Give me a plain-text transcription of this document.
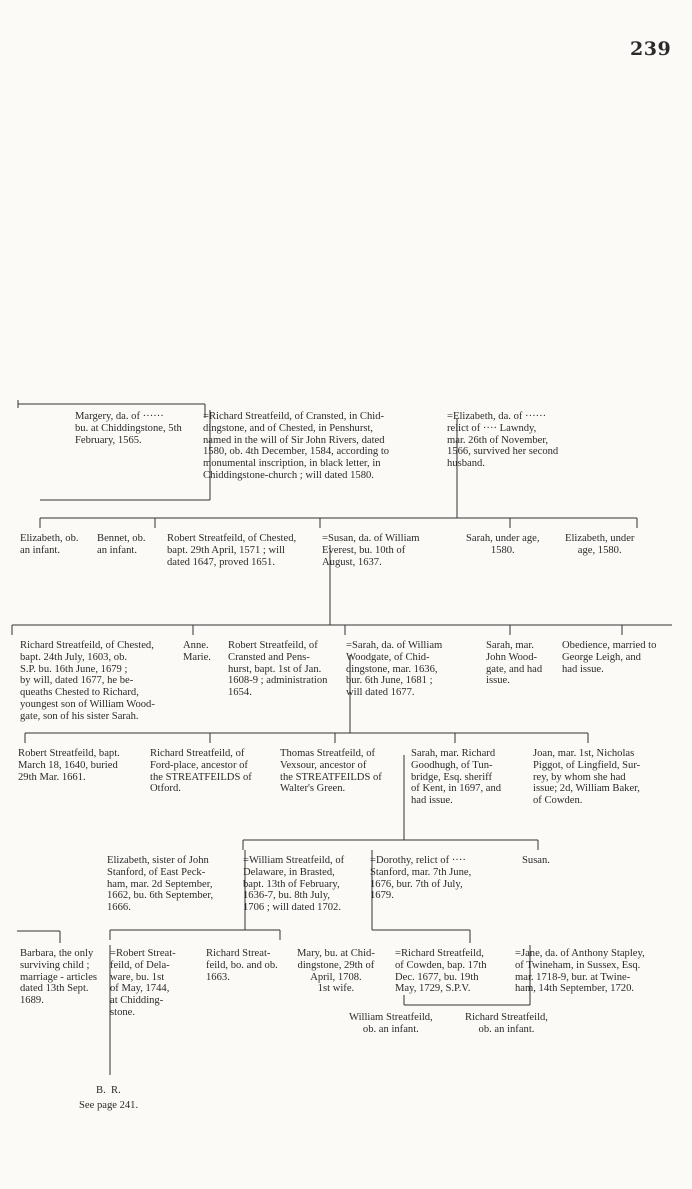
239
Margery, da. of ······
bu. at Chiddingstone, 5th
February, 1565.
=Richard Streatfeild, of Cransted, in Chid-
dingstone, and of Chested, in Penshurst,
named in the will of Sir John Rivers, dated
1580, ob. 4th December, 1584, according to
monumental inscription, in black letter, in
Chiddingstone-church ; will dated 1580.
=Elizabeth, da. of ······
relict of ···· Lawndy,
mar. 26th of November,
1566, survived her second
husband.
Elizabeth, ob.
an infant.
Bennet, ob.
an infant.
Robert Streatfeild, of Chested,
bapt. 29th April, 1571 ; will
dated 1647, proved 1651.
=Susan, da. of William
Everest, bu. 10th of
August, 1637.
Sarah, under age,
1580.
Elizabeth, under
age, 1580.
Richard Streatfeild, of Chested,
bapt. 24th July, 1603, ob.
S.P. bu. 16th June, 1679 ;
by will, dated 1677, he be-
queaths Chested to Richard,
youngest son of William Wood-
gate, son of his sister Sarah.
Anne.
Marie.
Robert Streatfeild, of
Cransted and Pens-
hurst, bapt. 1st of Jan.
1608-9 ; administration
1654.
=Sarah, da. of William
Woodgate, of Chid-
dingstone, mar. 1636,
bur. 6th June, 1681 ;
will dated 1677.
Sarah, mar.
John Wood-
gate, and had
issue.
Obedience, married to
George Leigh, and
had issue.
Robert Streatfeild, bapt.
March 18, 1640, buried
29th Mar. 1661.
Richard Streatfeild, of
Ford-place, ancestor of
the STREATFEILDS of
Otford.
Thomas Streatfeild, of
Vexsour, ancestor of
the STREATFEILDS of
Walter's Green.
Sarah, mar. Richard
Goodhugh, of Tun-
bridge, Esq. sheriff
of Kent, in 1697, and
had issue.
Joan, mar. 1st, Nicholas
Piggot, of Lingfield, Sur-
rey, by whom she had
issue; 2d, William Baker,
of Cowden.
Elizabeth, sister of John
Stanford, of East Peck-
ham, mar. 2d September,
1662, bu. 6th September,
1666.
=William Streatfeild, of
Delaware, in Brasted,
bapt. 13th of February,
1636-7, bu. 8th July,
1706 ; will dated 1702.
=Dorothy, relict of ····
Stanford, mar. 7th June,
1676, bur. 7th of July,
1679.
Susan.
Barbara, the only
surviving child ;
marriage - articles
dated 13th Sept.
1689.
=Robert Streat-
feild, of Dela-
ware, bu. 1st
of May, 1744,
at Chidding-
stone.
Richard Streat-
feild, bo. and ob.
1663.
Mary, bu. at Chid-
dingstone, 29th of
April, 1708.
1st wife.
=Richard Streatfeild,
of Cowden, bap. 17th
Dec. 1677, bu. 19th
May, 1729, S.P.V.
=Jane, da. of Anthony Stapley,
of Twineham, in Sussex, Esq.
mar. 1718-9, bur. at Twine-
ham, 14th September, 1720.
William Streatfeild,
ob. an infant.
Richard Streatfeild,
ob. an infant.
B.  R.
See page 241.
